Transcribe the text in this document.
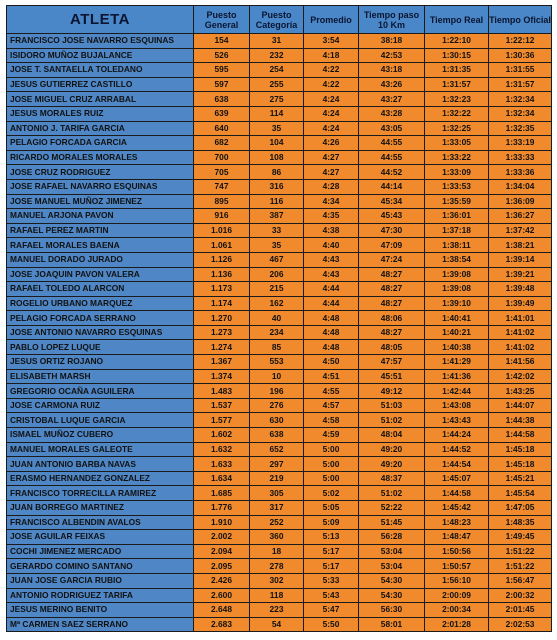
ATLETA	Puesto General	Puesto Categoría	Promedio	Tiempo paso 10 Km	Tiempo Real	Tiempo Oficial
FRANCISCO JOSE NAVARRO ESQUINAS	154	31	3:54	38:18	1:22:10	1:22:12
ISIDORO MUÑOZ BUJALANCE	526	232	4:18	42:53	1:30:15	1:30:36
JOSE T. SANTAELLA TOLEDANO	595	254	4:22	43:18	1:31:35	1:31:55
JESUS GUTIERREZ CASTILLO	597	255	4:22	43:26	1:31:57	1:31:57
JOSE MIGUEL CRUZ ARRABAL	638	275	4:24	43:27	1:32:23	1:32:34
JESUS MORALES RUIZ	639	114	4:24	43:28	1:32:22	1:32:34
ANTONIO J. TARIFA GARCIA	640	35	4:24	43:05	1:32:25	1:32:35
PELAGIO FORCADA GARCIA	682	104	4:26	44:55	1:33:05	1:33:19
RICARDO MORALES MORALES	700	108	4:27	44:55	1:33:22	1:33:33
JOSE CRUZ RODRIGUEZ	705	86	4:27	44:52	1:33:09	1:33:36
JOSE RAFAEL NAVARRO ESQUINAS	747	316	4:28	44:14	1:33:53	1:34:04
JOSE MANUEL MUÑOZ JIMENEZ	895	116	4:34	45:34	1:35:59	1:36:09
MANUEL ARJONA PAVON	916	387	4:35	45:43	1:36:01	1:36:27
RAFAEL PEREZ MARTIN	1.016	33	4:38	47:30	1:37:18	1:37:42
RAFAEL MORALES BAENA	1.061	35	4:40	47:09	1:38:11	1:38:21
MANUEL DORADO JURADO	1.126	467	4:43	47:24	1:38:54	1:39:14
JOSE JOAQUIN PAVON VALERA	1.136	206	4:43	48:27	1:39:08	1:39:21
RAFAEL TOLEDO ALARCON	1.173	215	4:44	48:27	1:39:08	1:39:48
ROGELIO URBANO MARQUEZ	1.174	162	4:44	48:27	1:39:10	1:39:49
PELAGIO FORCADA SERRANO	1.270	40	4:48	48:06	1:40:41	1:41:01
JOSE ANTONIO NAVARRO ESQUINAS	1.273	234	4:48	48:27	1:40:21	1:41:02
PABLO LOPEZ LUQUE	1.274	85	4:48	48:05	1:40:38	1:41:02
JESUS ORTIZ ROJANO	1.367	553	4:50	47:57	1:41:29	1:41:56
ELISABETH MARSH	1.374	10	4:51	45:51	1:41:36	1:42:02
GREGORIO OCAÑA AGUILERA	1.483	196	4:55	49:12	1:42:44	1:43:25
JOSE CARMONA RUIZ	1.537	276	4:57	51:03	1:43:08	1:44:07
CRISTOBAL LUQUE GARCIA	1.577	630	4:58	51:02	1:43:43	1:44:38
ISMAEL MUÑOZ CUBERO	1.602	638	4:59	48:04	1:44:24	1:44:58
MANUEL MORALES GALEOTE	1.632	652	5:00	49:20	1:44:52	1:45:18
JUAN ANTONIO BARBA NAVAS	1.633	297	5:00	49:20	1:44:54	1:45:18
ERASMO HERNANDEZ GONZALEZ	1.634	219	5:00	48:37	1:45:07	1:45:21
FRANCISCO TORRECILLA RAMIREZ	1.685	305	5:02	51:02	1:44:58	1:45:54
JUAN BORREGO MARTINEZ	1.776	317	5:05	52:22	1:45:42	1:47:05
FRANCISCO ALBENDIN AVALOS	1.910	252	5:09	51:45	1:48:23	1:48:35
JOSE AGUILAR FEIXAS	2.002	360	5:13	56:28	1:48:47	1:49:45
COCHI JIMENEZ MERCADO	2.094	18	5:17	53:04	1:50:56	1:51:22
GERARDO COMINO SANTANO	2.095	278	5:17	53:04	1:50:57	1:51:22
JUAN JOSE GARCIA RUBIO	2.426	302	5:33	54:30	1:56:10	1:56:47
ANTONIO RODRIGUEZ TARIFA	2.600	118	5:43	54:30	2:00:09	2:00:32
JESUS MERINO BENITO	2.648	223	5:47	56:30	2:00:34	2:01:45
Mª CARMEN SAEZ SERRANO	2.683	54	5:50	58:01	2:01:28	2:02:53
